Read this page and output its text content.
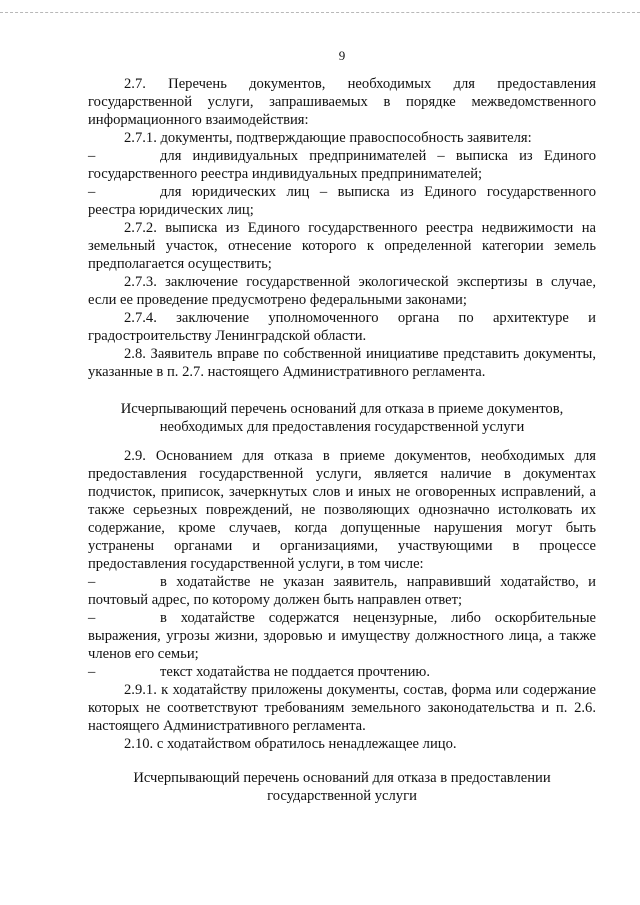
9

2.7. Перечень документов, необходимых для предоставления государственной услуги, запрашиваемых в порядке межведомственного информационного взаимодействия:

2.7.1. документы, подтверждающие правоспособность заявителя:

–	для индивидуальных предпринимателей – выписка из Единого государственного реестра индивидуальных предпринимателей;

–	для юридических лиц – выписка из Единого государственного реестра юридических лиц;

2.7.2. выписка из Единого государственного реестра недвижимости на земельный участок, отнесение которого к определенной категории земель предполагается осуществить;

2.7.3. заключение государственной экологической экспертизы в случае, если ее проведение предусмотрено федеральными законами;

2.7.4. заключение уполномоченного органа по архитектуре и градостроительству Ленинградской области.

2.8. Заявитель вправе по собственной инициативе представить документы, указанные в п. 2.7. настоящего Административного регламента.

Исчерпывающий перечень оснований для отказа в приеме документов,
необходимых для предоставления государственной услуги

2.9. Основанием для отказа в приеме документов, необходимых для предоставления государственной услуги, является наличие в документах подчисток, приписок, зачеркнутых слов и иных не оговоренных исправлений, а также серьезных повреждений, не позволяющих однозначно истолковать их содержание, кроме случаев, когда допущенные нарушения могут быть устранены органами и организациями, участвующими в процессе предоставления государственной услуги, в том числе:

–	в ходатайстве не указан заявитель, направивший ходатайство, и почтовый адрес, по которому должен быть направлен ответ;

–	в ходатайстве содержатся нецензурные, либо оскорбительные выражения, угрозы жизни, здоровью и имуществу должностного лица, а также членов его семьи;

–	текст ходатайства не поддается прочтению.

2.9.1. к ходатайству приложены документы, состав, форма или содержание которых не соответствуют требованиям земельного законодательства и п. 2.6. настоящего Административного регламента.

2.10. с ходатайством обратилось ненадлежащее лицо.

Исчерпывающий перечень оснований для отказа в предоставлении
государственной услуги
